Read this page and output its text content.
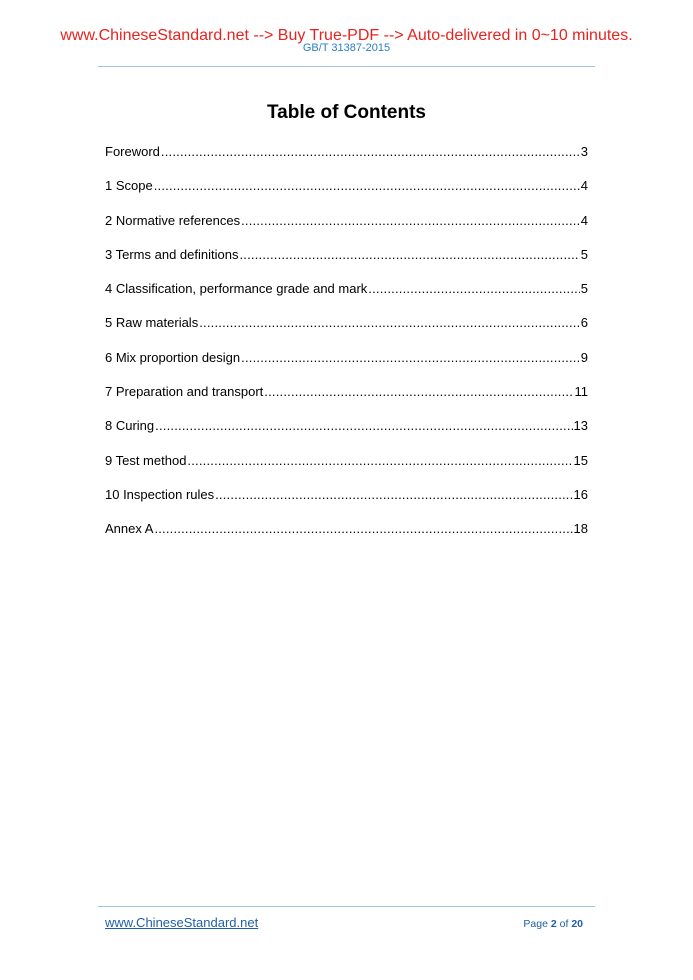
www.ChineseStandard.net --> Buy True-PDF --> Auto-delivered in 0~10 minutes.
GB/T 31387-2015
Table of Contents
Foreword .....	3
1 Scope .....	4
2 Normative references .....	4
3 Terms and definitions .....	5
4 Classification, performance grade and mark .....	5
5 Raw materials .....	6
6 Mix proportion design .....	9
7 Preparation and transport .....	11
8 Curing .....	13
9 Test method .....	15
10 Inspection rules .....	16
Annex A .....	18
www.ChineseStandard.net	Page 2 of 20
